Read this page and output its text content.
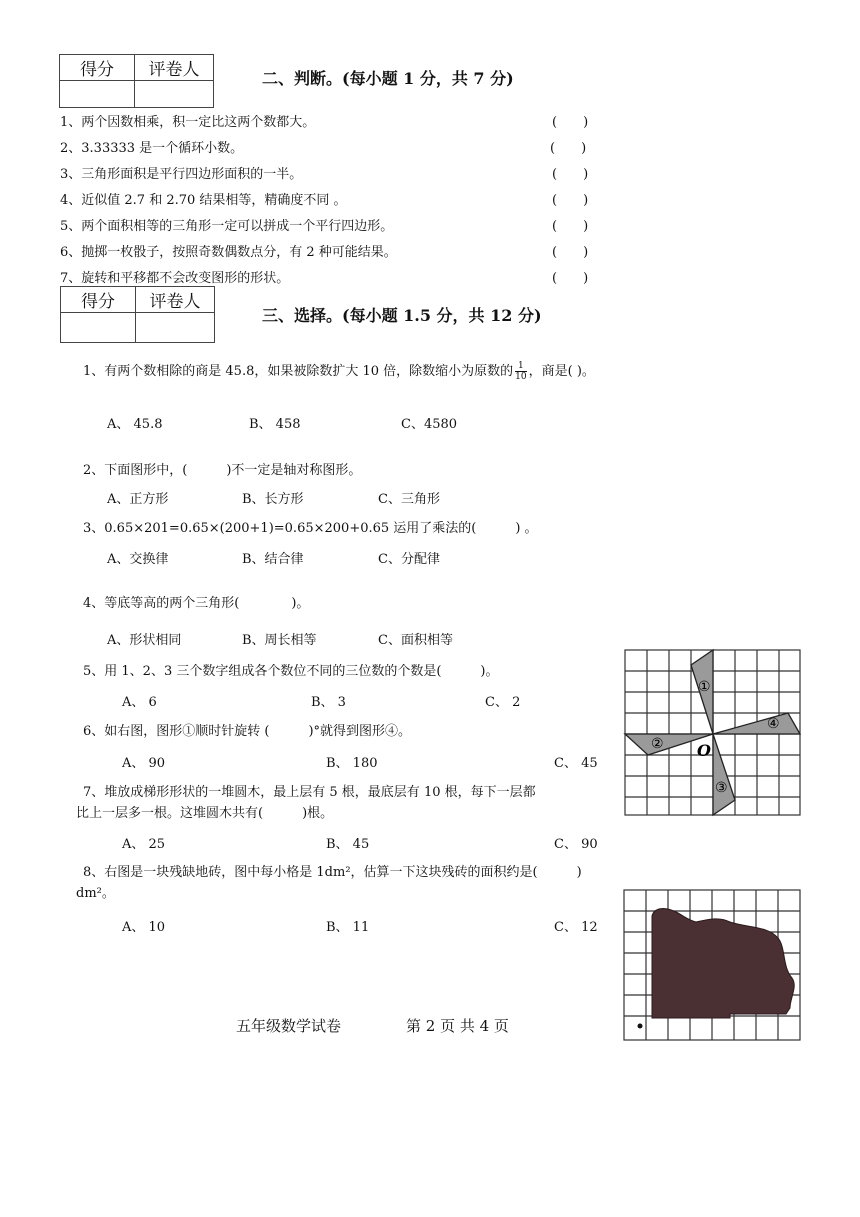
得分	评卷人
		二、判断。(每小题 1 分，共 7 分)
1、两个因数相乘，积一定比这两个数都大。	(　　)
2、3.33333 是一个循环小数。	(　　)
3、三角形面积是平行四边形面积的一半。	(　　)
4、近似值 2.7 和 2.70 结果相等，精确度不同 。	(　　)
5、两个面积相等的三角形一定可以拼成一个平行四边形。	(　　)
6、抛掷一枚骰子，按照奇数偶数点分，有 2 种可能结果。	(　　)
7、旋转和平移都不会改变图形的形状。	(　　)
得分	评卷人

三、选择。(每小题 1.5 分，共 12 分)
1、有两个数相除的商是 45.8，如果被除数扩大 10 倍，除数缩小为原数的 $\frac{1}{10}$ ，商是( )。
A、 45.8	B、 458	C、4580
2、下面图形中，(　　　)不一定是轴对称图形。
A、正方形	B、长方形	C、三角形
3、0.65×201=0.65×(200+1)=0.65×200+0.65 运用了乘法的(　　　) 。
A、交换律	B、结合律	C、分配律
4、等底等高的两个三角形(　　　　)。
A、形状相同	B、周长相等	C、面积相等
5、用 1、2、3 三个数字组成各个数位不同的三位数的个数是(　　　)。
A、 6	B、 3	C、 2
6、如右图，图形①顺时针旋转 (　　　)°就得到图形④。
A、 90	B、 180	C、 45
7、堆放成梯形形状的一堆圆木，最上层有 5 根，最底层有 10 根，每下一层都
比上一层多一根。这堆圆木共有(　　　)根。
A、 25	B、 45	C、 90
8、右图是一块残缺地砖，图中每小格是 1dm²，估算一下这块残砖的面积约是(　　　)
dm²。
A、 10	B、 11	C、 12
①
②
③
④
O
五年级数学试卷	第 2 页 共 4 页
